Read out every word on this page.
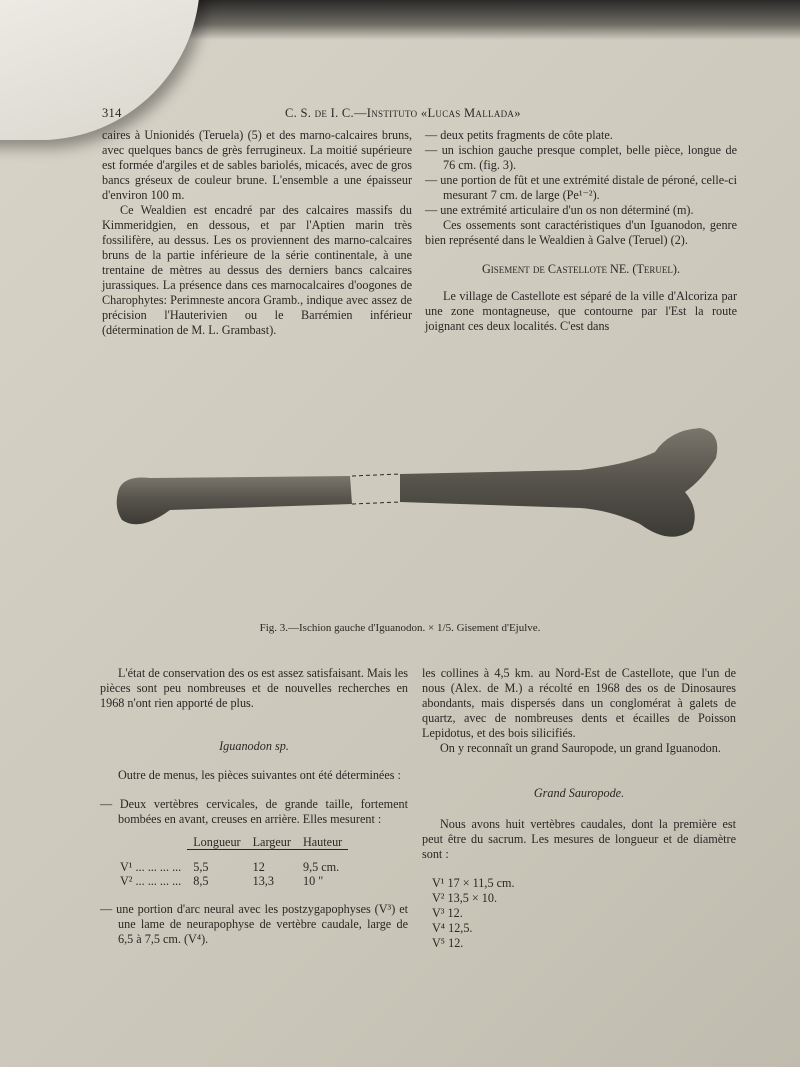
314	C. S. de I. C.—Instituto «Lucas Mallada»

caires à Unionidés (Teruela) (5) et des marno-calcaires bruns, avec quelques bancs de grès ferrugineux. La moitié supérieure est formée d'argiles et de sables bariolés, micacés, avec de gros bancs gréseux de couleur brune. L'ensemble a une épaisseur d'environ 100 m.

Ce Wealdien est encadré par des calcaires massifs du Kimmeridgien, en dessous, et par l'Aptien marin très fossilifère, au dessus. Les os proviennent des marno-calcaires bruns de la partie inférieure de la série continentale, à une trentaine de mètres au dessus des derniers bancs calcaires jurassiques. La présence dans ces marnocalcaires d'oogones de Charophytes: Perimneste ancora Gramb., indique avec assez de précision l'Hauterivien ou le Barrémien inférieur (détermination de M. L. Grambast).

— deux petits fragments de côte plate.

— un ischion gauche presque complet, belle pièce, longue de 76 cm. (fig. 3).

— une portion de fût et une extrémité distale de péroné, celle-ci mesurant 7 cm. de large (Pe¹⁻²).

— une extrémité articulaire d'un os non déterminé (m).

Ces ossements sont caractéristiques d'un Iguanodon, genre bien représenté dans le Wealdien à Galve (Teruel) (2).

Gisement de Castellote NE. (Teruel).

Le village de Castellote est séparé de la ville d'Alcoriza par une zone montagneuse, que contourne par l'Est la route joignant ces deux localités. C'est dans

Fig. 3.—Ischion gauche d'Iguanodon. × 1/5. Gisement d'Ejulve.

L'état de conservation des os est assez satisfaisant. Mais les pièces sont peu nombreuses et de nouvelles recherches en 1968 n'ont rien apporté de plus.

Iguanodon sp.

Outre de menus, les pièces suivantes ont été déterminées :

— Deux vertèbres cervicales, de grande taille, fortement bombées en avant, creuses en arrière. Elles mesurent :

	Longueur	Largeur	Hauteur

V¹ ... ... ... ...	5,5	12	9,5 cm.
V² ... ... ... ...	8,5	13,3	10 "

— une portion d'arc neural avec les postzygapophyses (V³) et une lame de neurapophyse de vertèbre caudale, large de 6,5 à 7,5 cm. (V⁴).

les collines à 4,5 km. au Nord-Est de Castellote, que l'un de nous (Alex. de M.) a récolté en 1968 des os de Dinosaures abondants, mais dispersés dans un conglomérat à galets de quartz, avec de nombreuses dents et écailles de Poisson Lepidotus, et des bois silicifiés.

On y reconnaît un grand Sauropode, un grand Iguanodon.

Grand Sauropode.

Nous avons huit vertèbres caudales, dont la première est peut être du sacrum. Les mesures de longueur et de diamètre sont :

V¹ 17 × 11,5 cm.
V² 13,5 × 10.
V³ 12.
V⁴ 12,5.
V⁵ 12.
